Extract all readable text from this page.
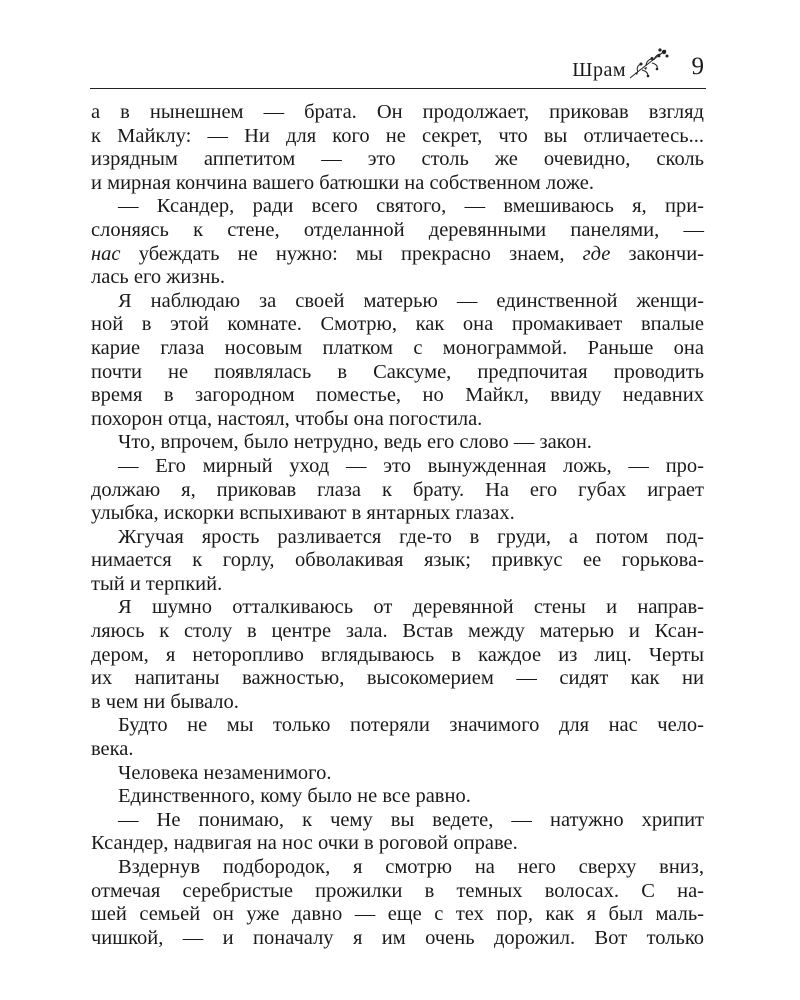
Шрам	9
а в нынешнем — брата. Он продолжает, приковав взгляд
к Майклу: — Ни для кого не секрет, что вы отличаетесь...
изрядным аппетитом — это столь же очевидно, сколь
и мирная кончина вашего батюшки на собственном ложе.
— Ксандер, ради всего святого, — вмешиваюсь я, при-
слоняясь к стене, отделанной деревянными панелями, —
нас убеждать не нужно: мы прекрасно знаем, где закончи-
лась его жизнь.
Я наблюдаю за своей матерью — единственной женщи-
ной в этой комнате. Смотрю, как она промакивает впалые
карие глаза носовым платком с монограммой. Раньше она
почти не появлялась в Саксуме, предпочитая проводить
время в загородном поместье, но Майкл, ввиду недавних
похорон отца, настоял, чтобы она погостила.
Что, впрочем, было нетрудно, ведь его слово — закон.
— Его мирный уход — это вынужденная ложь, — про-
должаю я, приковав глаза к брату. На его губах играет
улыбка, искорки вспыхивают в янтарных глазах.
Жгучая ярость разливается где-то в груди, а потом под-
нимается к горлу, обволакивая язык; привкус ее горькова-
тый и терпкий.
Я шумно отталкиваюсь от деревянной стены и направ-
ляюсь к столу в центре зала. Встав между матерью и Ксан-
дером, я неторопливо вглядываюсь в каждое из лиц. Черты
их напитаны важностью, высокомерием — сидят как ни
в чем ни бывало.
Будто не мы только потеряли значимого для нас чело-
века.
Человека незаменимого.
Единственного, кому было не все равно.
— Не понимаю, к чему вы ведете, — натужно хрипит
Ксандер, надвигая на нос очки в роговой оправе.
Вздернув подбородок, я смотрю на него сверху вниз,
отмечая серебристые прожилки в темных волосах. С на-
шей семьей он уже давно — еще с тех пор, как я был маль-
чишкой, — и поначалу я им очень дорожил. Вот только
